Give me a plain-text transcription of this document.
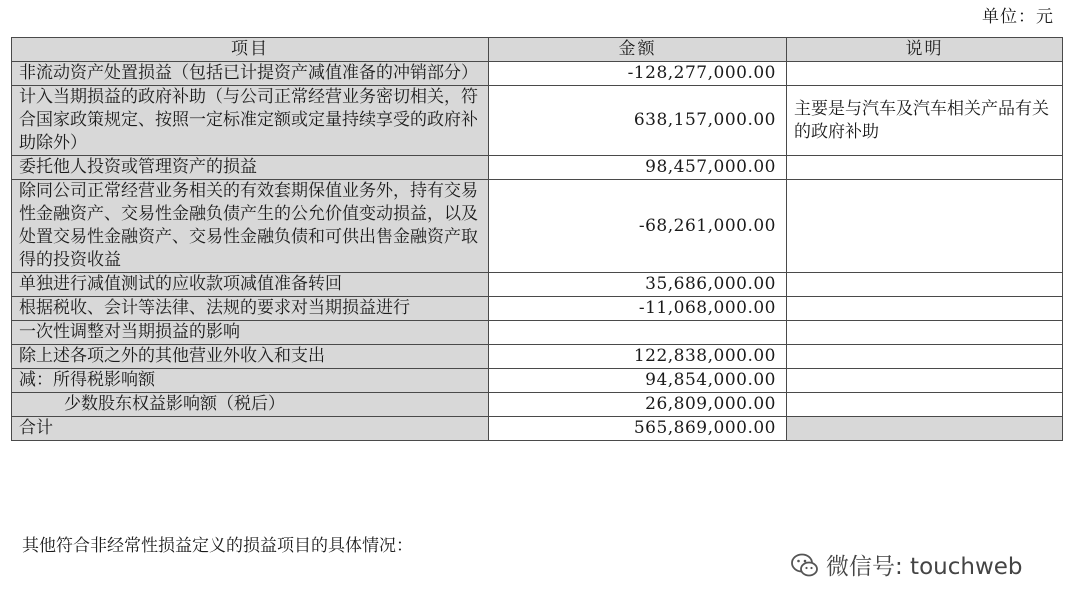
单位：元
项目	金额	说明
非流动资产处置损益（包括已计提资产减值准备的冲销部分）	-128,277,000.00	
计入当期损益的政府补助（与公司正常经营业务密切相关，符合国家政策规定、按照一定标准定额或定量持续享受的政府补助除外）	638,157,000.00	主要是与汽车及汽车相关产品有关的政府补助
委托他人投资或管理资产的损益	98,457,000.00	
除同公司正常经营业务相关的有效套期保值业务外，持有交易性金融资产、交易性金融负债产生的公允价值变动损益，以及处置交易性金融资产、交易性金融负债和可供出售金融资产取得的投资收益	-68,261,000.00	
单独进行减值测试的应收款项减值准备转回	35,686,000.00	
根据税收、会计等法律、法规的要求对当期损益进行	-11,068,000.00	
一次性调整对当期损益的影响		
除上述各项之外的其他营业外收入和支出	122,838,000.00	
减：所得税影响额	94,854,000.00	
少数股东权益影响额（税后）	26,809,000.00	
合计	565,869,000.00	
其他符合非经常性损益定义的损益项目的具体情况：
微信号: touchweb
